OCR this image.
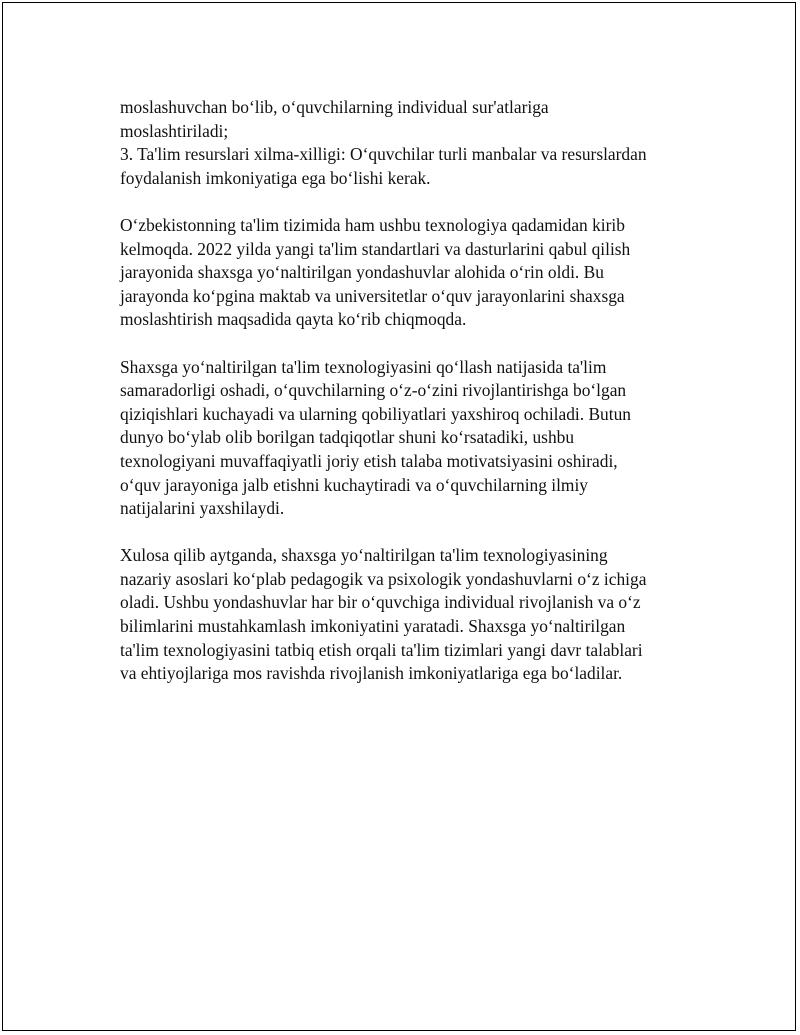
moslashuvchan boʻlib, oʻquvchilarning individual sur'atlariga
moslashtiriladi;
3. Ta'lim resurslari xilma-xilligi: Oʻquvchilar turli manbalar va resurslardan
foydalanish imkoniyatiga ega boʻlishi kerak.
Oʻzbekistonning ta'lim tizimida ham ushbu texnologiya qadamidan kirib
kelmoqda. 2022 yilda yangi ta'lim standartlari va dasturlarini qabul qilish
jarayonida shaxsga yoʻnaltirilgan yondashuvlar alohida oʻrin oldi. Bu
jarayonda koʻpgina maktab va universitetlar oʻquv jarayonlarini shaxsga
moslashtirish maqsadida qayta koʻrib chiqmoqda.
Shaxsga yoʻnaltirilgan ta'lim texnologiyasini qoʻllash natijasida ta'lim
samaradorligi oshadi, oʻquvchilarning oʻz-oʻzini rivojlantirishga boʻlgan
qiziqishlari kuchayadi va ularning qobiliyatlari yaxshiroq ochiladi. Butun
dunyo boʻylab olib borilgan tadqiqotlar shuni koʻrsatadiki, ushbu
texnologiyani muvaffaqiyatli joriy etish talaba motivatsiyasini oshiradi,
oʻquv jarayoniga jalb etishni kuchaytiradi va oʻquvchilarning ilmiy
natijalarini yaxshilaydi.
Xulosa qilib aytganda, shaxsga yoʻnaltirilgan ta'lim texnologiyasining
nazariy asoslari koʻplab pedagogik va psixologik yondashuvlarni oʻz ichiga
oladi. Ushbu yondashuvlar har bir oʻquvchiga individual rivojlanish va oʻz
bilimlarini mustahkamlash imkoniyatini yaratadi. Shaxsga yoʻnaltirilgan
ta'lim texnologiyasini tatbiq etish orqali ta'lim tizimlari yangi davr talablari
va ehtiyojlariga mos ravishda rivojlanish imkoniyatlariga ega boʻladilar.
